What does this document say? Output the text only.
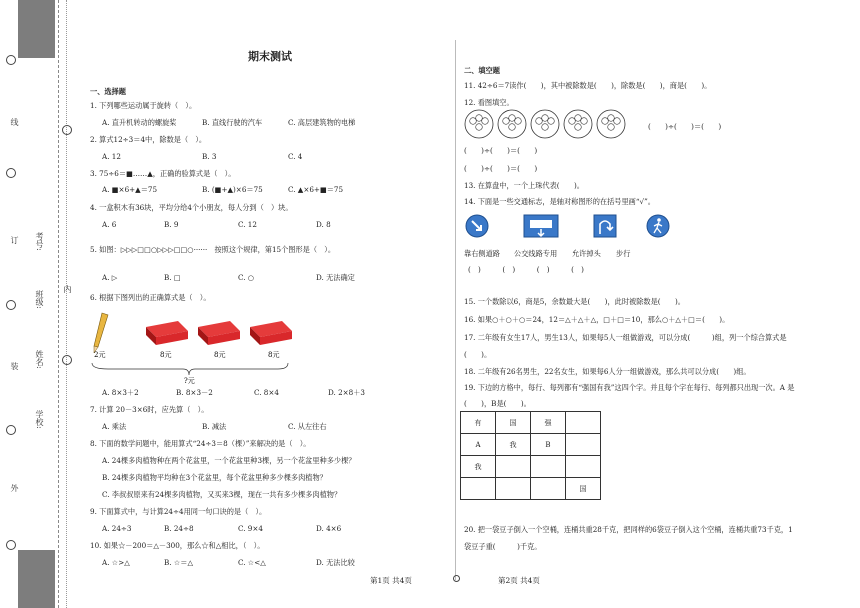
线
订
装
外
内
考号:
班级:
姓名:
学校:
期末测试
一、选择题
1. 下列哪些运动属于旋转（　）。
A. 直升机转动的螺旋桨	B. 直线行驶的汽车	C. 高层建筑物的电梯
2. 算式12÷3＝4中，除数是（　）。
A. 12	B. 3	C. 4
3. 75÷6＝■……▲，正确的验算式是（　）。
A. ■×6+▲＝75	B. (■+▲)×6＝75	C. ▲×6+■＝75
4. 一盒积木有36块，平均分给4个小朋友，每人分到（　）块。
A. 6	B. 9	C. 12	D. 8
5. 如图：▷▷▷□□○▷▷▷□□○······　按照这个规律，第15个图形是（　）。
A. ▷	B. □	C. ○	D. 无法确定
6. 根据下图列出的正确算式是（　）。
2元	8元	8元	8元
?元
A. 8×3＋2	B. 8×3－2	C. 8×4	D. 2×8＋3
7. 计算 20－3×6时，应先算（　）。
A. 乘法	B. 减法	C. 从左往右
8. 下面的数学问题中，能用算式“24÷3＝8（棵）”来解决的是（　）。
A. 24棵多肉植物种在两个花盆里，一个花盆里种3棵，另一个花盆里种多少棵？
B. 24棵多肉植物平均种在3个花盆里，每个花盆里种多少棵多肉植物？
C. 李叔叔原来有24棵多肉植物，又买来3棵，现在一共有多少棵多肉植物？
9. 下面算式中，与计算24÷4用同一句口诀的是（　）。
A. 24÷3	B. 24÷8	C. 9×4	D. 4×6
10. 如果☆－200＝△－300，那么☆和△相比，（　）。
A. ☆>△	B. ☆＝△	C. ☆<△	D. 无法比较
二、填空题
11. 42÷6＝7读作(　　)，其中被除数是(　　)，除数是(　　)，商是(　　)。
12. 看图填空。
(　　)÷(　　)＝(　　)
(　　)÷(　　)＝(　　)
(　　)÷(　　)＝(　　)
13. 在算盘中，一个上珠代表(　　)。
14. 下面是一些交通标志，是轴对称图形的在括号里画“√”。
靠右侧道路 公交线路专用 允许掉头 步行
(　)　　　(　)　　　(　)　　　(　)
15. 一个数除以6，商是5，余数最大是(　　)，此时被除数是(　　)。
16. 如果○＋○＋○＝24，12＝△＋△＋△，□＋□＝10，那么○＋△＋□＝(　　)。
17. 二年级有女生17人，男生13人，如果每5人一组做游戏，可以分成(　　　)组，列一个综合算式是
(　　)。
18. 二年级有26名男生，22名女生，如果每6人分一组做游戏，那么共可以分成(　　)组。
19. 下边的方格中，每行、每列都有“强国有我”这四个字。并且每个字在每行、每列都只出现一次。A 是
(　　)，B是(　　)。
有	国	强	
A	我	B	
我			
			国
20. 把一袋豆子倒入一个空桶，连桶共重28千克，把同样的6袋豆子倒入这个空桶，连桶共重73千克，1
袋豆子重(　　　)千克。
第1页 共4页	第2页 共4页
